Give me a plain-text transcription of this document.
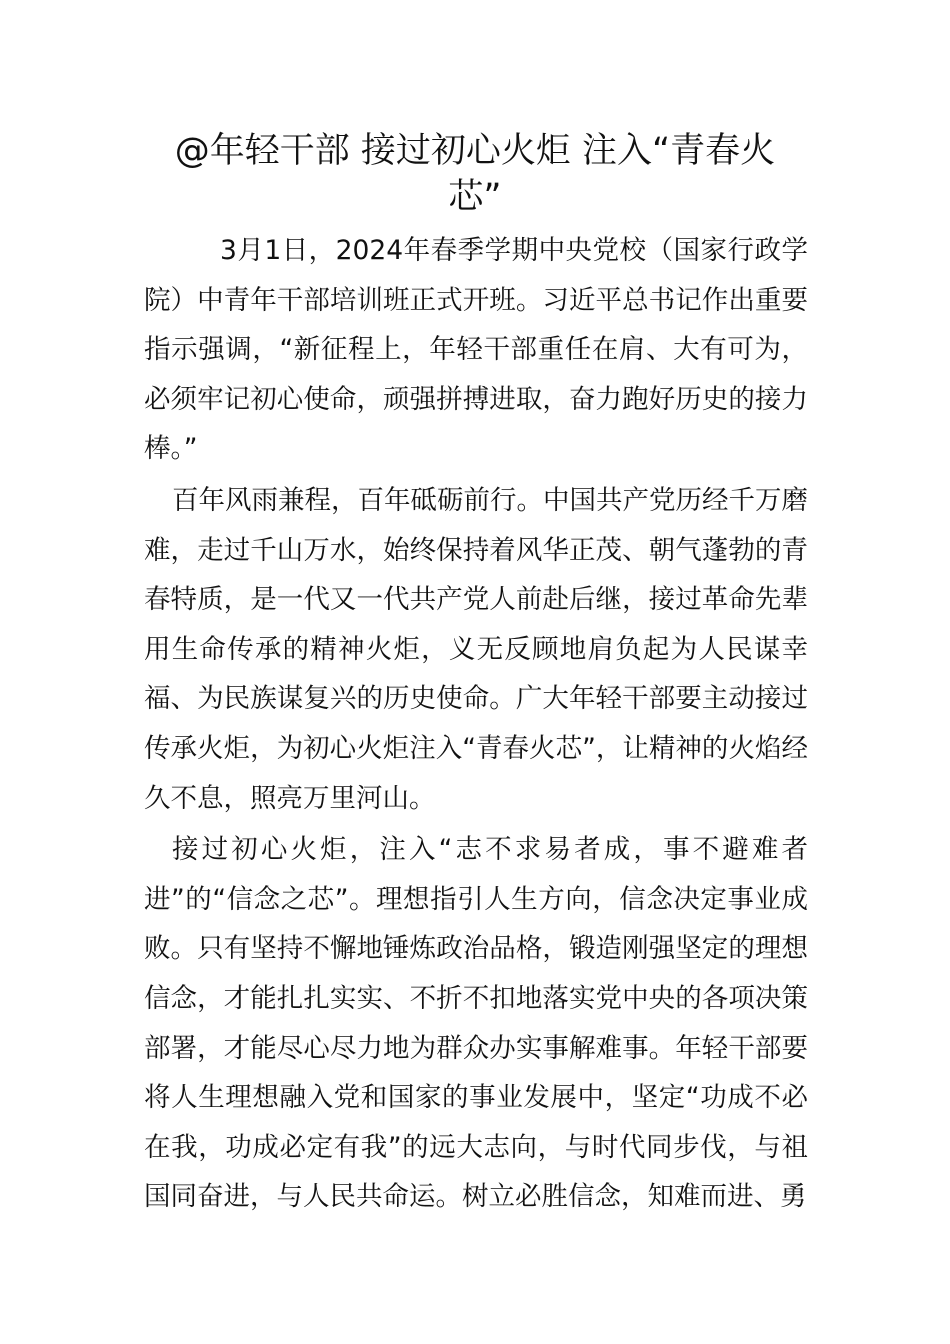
@年轻干部 接过初心火炬 注入“青春火芯”

3月1日，2024年春季学期中央党校（国家行政学院）中青年干部培训班正式开班。习近平总书记作出重要指示强调，“新征程上，年轻干部重任在肩、大有可为，必须牢记初心使命，顽强拼搏进取，奋力跑好历史的接力棒。”

百年风雨兼程，百年砥砺前行。中国共产党历经千万磨难，走过千山万水，始终保持着风华正茂、朝气蓬勃的青春特质，是一代又一代共产党人前赴后继，接过革命先辈用生命传承的精神火炬，义无反顾地肩负起为人民谋幸福、为民族谋复兴的历史使命。广大年轻干部要主动接过传承火炬，为初心火炬注入“青春火芯”，让精神的火焰经久不息，照亮万里河山。

接过初心火炬，注入“志不求易者成，事不避难者进”的“信念之芯”。理想指引人生方向，信念决定事业成败。只有坚持不懈地锤炼政治品格，锻造刚强坚定的理想信念，才能扎扎实实、不折不扣地落实党中央的各项决策部署，才能尽心尽力地为群众办实事解难事。年轻干部要将人生理想融入党和国家的事业发展中，坚定“功成不必在我，功成必定有我”的远大志向，与时代同步伐，与祖国同奋进，与人民共命运。树立必胜信念，知难而进、勇
